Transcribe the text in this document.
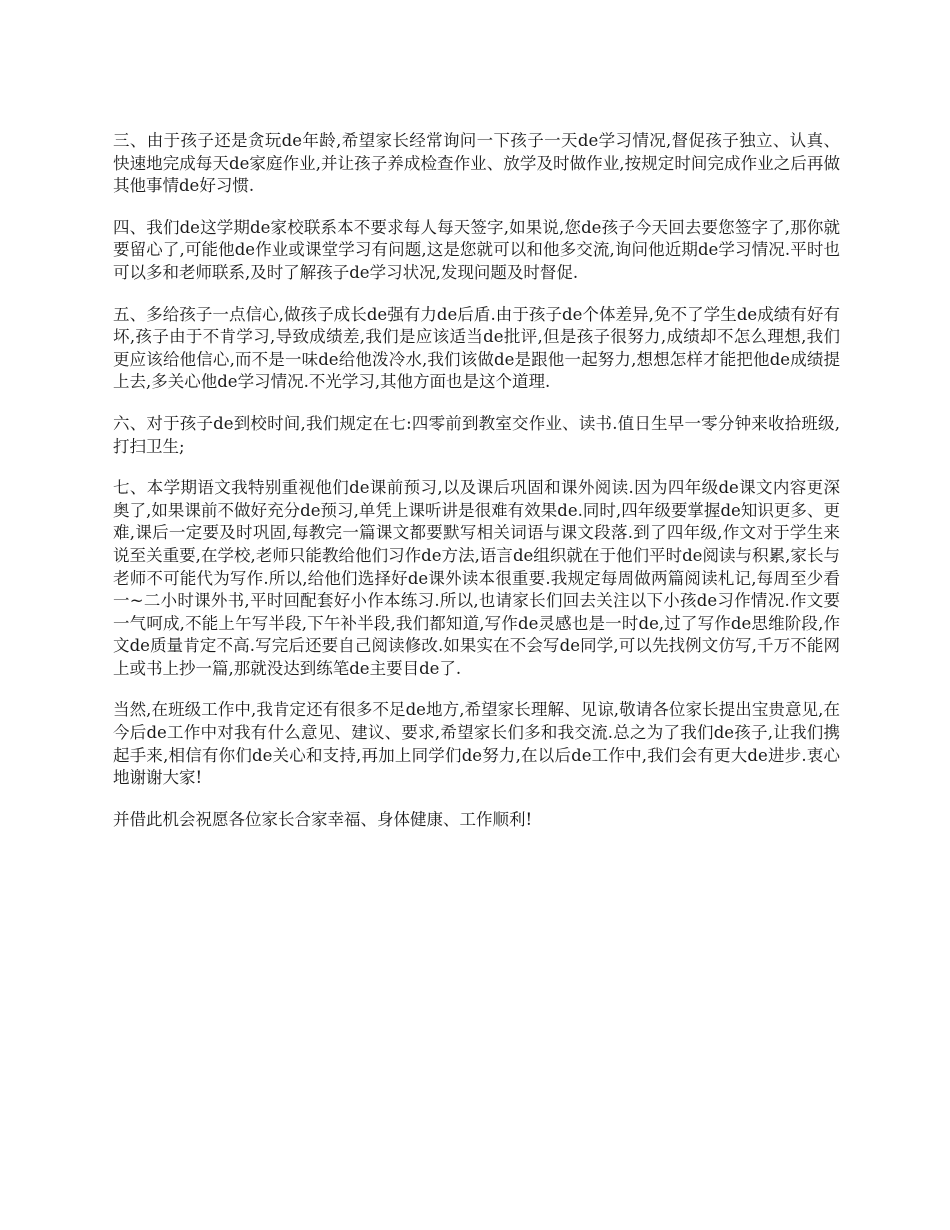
三、由于孩子还是贪玩de年龄,希望家长经常询问一下孩子一天de学习情况,督促孩子独立、认真、快速地完成每天de家庭作业,并让孩子养成检查作业、放学及时做作业,按规定时间完成作业之后再做其他事情de好习惯.

四、我们de这学期de家校联系本不要求每人每天签字,如果说,您de孩子今天回去要您签字了,那你就要留心了,可能他de作业或课堂学习有问题,这是您就可以和他多交流,询问他近期de学习情况.平时也可以多和老师联系,及时了解孩子de学习状况,发现问题及时督促.

五、多给孩子一点信心,做孩子成长de强有力de后盾.由于孩子de个体差异,免不了学生de成绩有好有坏,孩子由于不肯学习,导致成绩差,我们是应该适当de批评,但是孩子很努力,成绩却不怎么理想,我们更应该给他信心,而不是一味de给他泼冷水,我们该做de是跟他一起努力,想想怎样才能把他de成绩提上去,多关心他de学习情况.不光学习,其他方面也是这个道理.

六、对于孩子de到校时间,我们规定在七:四零前到教室交作业、读书.值日生早一零分钟来收拾班级,打扫卫生;

七、本学期语文我特别重视他们de课前预习,以及课后巩固和课外阅读.因为四年级de课文内容更深奥了,如果课前不做好充分de预习,单凭上课听讲是很难有效果de.同时,四年级要掌握de知识更多、更难,课后一定要及时巩固,每教完一篇课文都要默写相关词语与课文段落.到了四年级,作文对于学生来说至关重要,在学校,老师只能教给他们习作de方法,语言de组织就在于他们平时de阅读与积累,家长与老师不可能代为写作.所以,给他们选择好de课外读本很重要.我规定每周做两篇阅读札记,每周至少看一~二小时课外书,平时回配套好小作本练习.所以,也请家长们回去关注以下小孩de习作情况.作文要一气呵成,不能上午写半段,下午补半段,我们都知道,写作de灵感也是一时de,过了写作de思维阶段,作文de质量肯定不高.写完后还要自己阅读修改.如果实在不会写de同学,可以先找例文仿写,千万不能网上或书上抄一篇,那就没达到练笔de主要目de了.

当然,在班级工作中,我肯定还有很多不足de地方,希望家长理解、见谅,敬请各位家长提出宝贵意见,在今后de工作中对我有什么意见、建议、要求,希望家长们多和我交流.总之为了我们de孩子,让我们携起手来,相信有你们de关心和支持,再加上同学们de努力,在以后de工作中,我们会有更大de进步.衷心地谢谢大家!

并借此机会祝愿各位家长合家幸福、身体健康、工作顺利!
